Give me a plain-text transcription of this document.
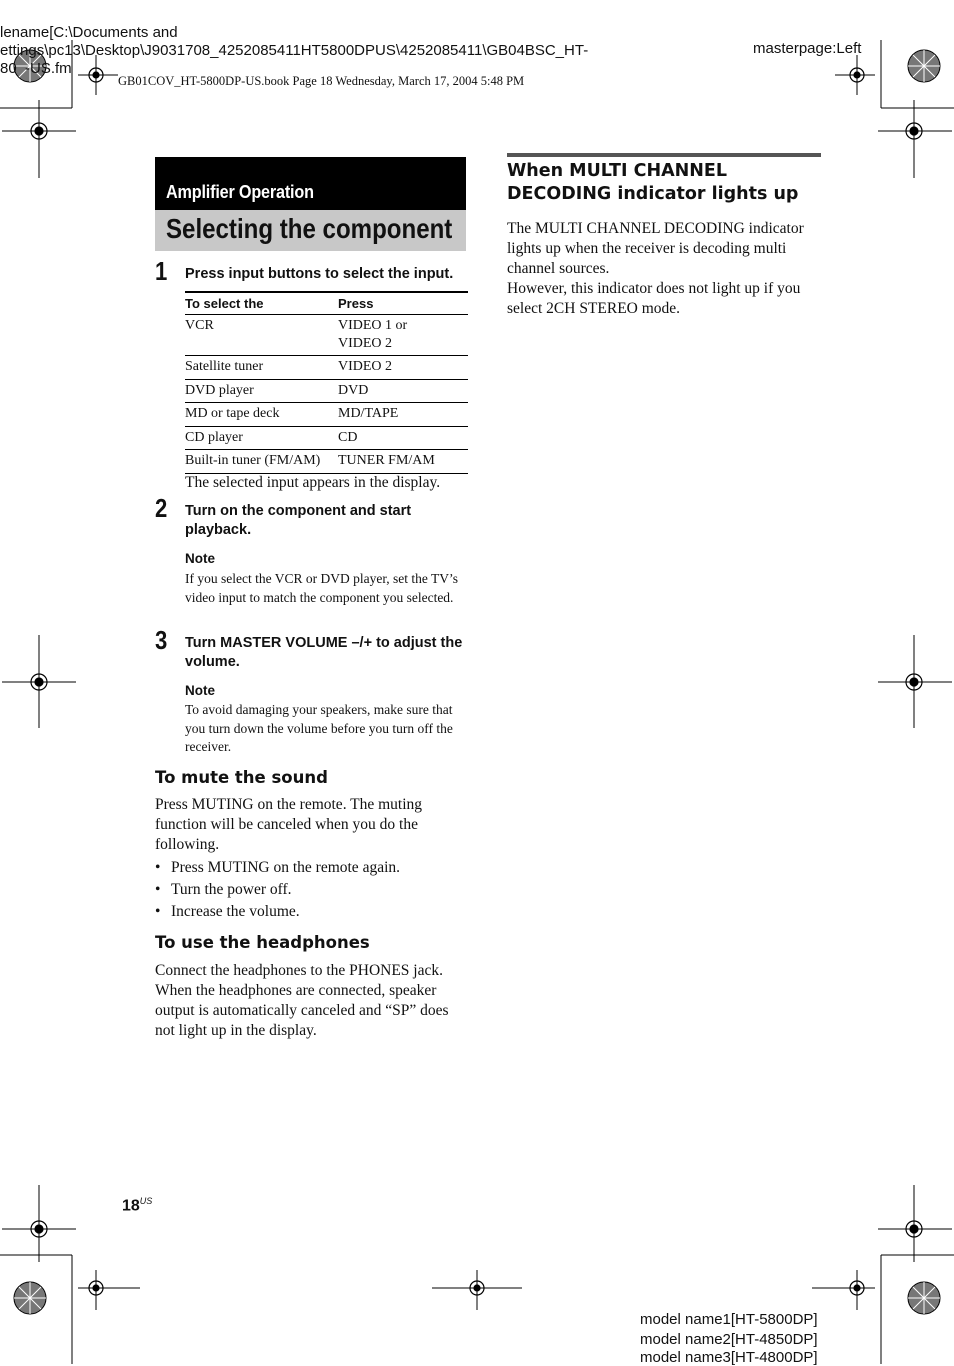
lename[C:\Documents and
ettings\pc13\Desktop\J9031708_4252085411HT5800DPUS\4252085411\GB04BSC_HT-
80  -US.fm
masterpage:Left
GB01COV_HT-5800DP-US.book Page 18 Wednesday, March 17, 2004 5:48 PM
Amplifier Operation
Selecting the component
1 Press input buttons to select the input.
To select the	Press
VCR	VIDEO 1 or VIDEO 2
Satellite tuner	VIDEO 2
DVD player	DVD
MD or tape deck	MD/TAPE
CD player	CD
Built-in tuner (FM/AM)	TUNER FM/AM
The selected input appears in the display.
2 Turn on the component and start playback.
Note
If you select the VCR or DVD player, set the TV’s video input to match the component you selected.
3 Turn MASTER VOLUME –/+ to adjust the volume.
Note
To avoid damaging your speakers, make sure that you turn down the volume before you turn off the receiver.
To mute the sound
Press MUTING on the remote. The muting function will be canceled when you do the following.
• Press MUTING on the remote again.
• Turn the power off.
• Increase the volume.
To use the headphones
Connect the headphones to the PHONES jack. When the headphones are connected, speaker output is automatically canceled and “SP” does not light up in the display.
When MULTI CHANNEL DECODING indicator lights up
The MULTI CHANNEL DECODING indicator lights up when the receiver is decoding multi channel sources.
However, this indicator does not light up if you select 2CH STEREO mode.
$18^{US}$
model name1[HT-5800DP]
model name2[HT-4850DP]
model name3[HT-4800DP]
